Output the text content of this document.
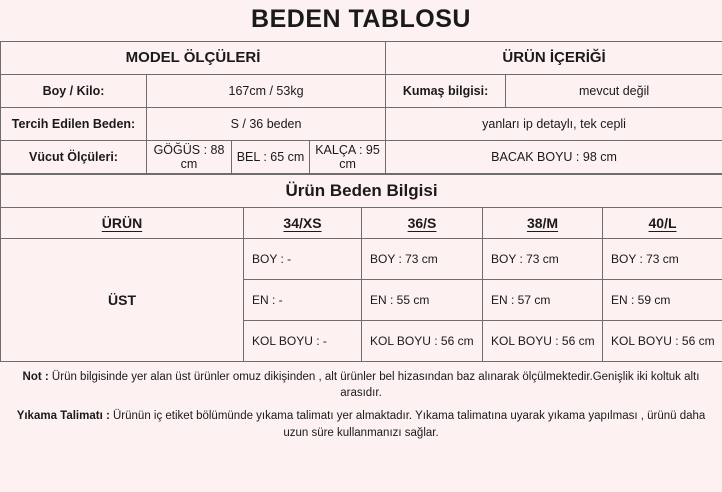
BEDEN TABLOSU
MODEL ÖLÇÜLERİ				ÜRÜN İÇERİĞİ	
Boy / Kilo:	167cm / 53kg			Kumaş bilgisi:	mevcut değil
Tercih Edilen Beden:	S / 36 beden			yanları ip detaylı, tek cepli	
Vücut Ölçüleri:	GÖĞÜS : 88 cm	BEL : 65 cm	KALÇA : 95 cm	BACAK BOYU : 98 cm	
Ürün Beden Bilgisi				
ÜRÜN	34/XS	36/S	38/M	40/L
ÜST	BOY : -	BOY : 73 cm	BOY : 73 cm	BOY : 73 cm
	EN : -	EN : 55 cm	EN : 57 cm	EN : 59 cm
	KOL BOYU : -	KOL BOYU : 56 cm	KOL BOYU : 56 cm	KOL BOYU : 56 cm

Not : Ürün bilgisinde yer alan üst ürünler omuz dikişinden , alt ürünler bel hizasından baz alınarak ölçülmektedir.Genişlik iki koltuk altı arasıdır.

Yıkama Talimatı : Ürünün iç etiket bölümünde yıkama talimatı yer almaktadır. Yıkama talimatına uyarak yıkama yapılması , ürünü daha uzun süre kullanmanızı sağlar.
